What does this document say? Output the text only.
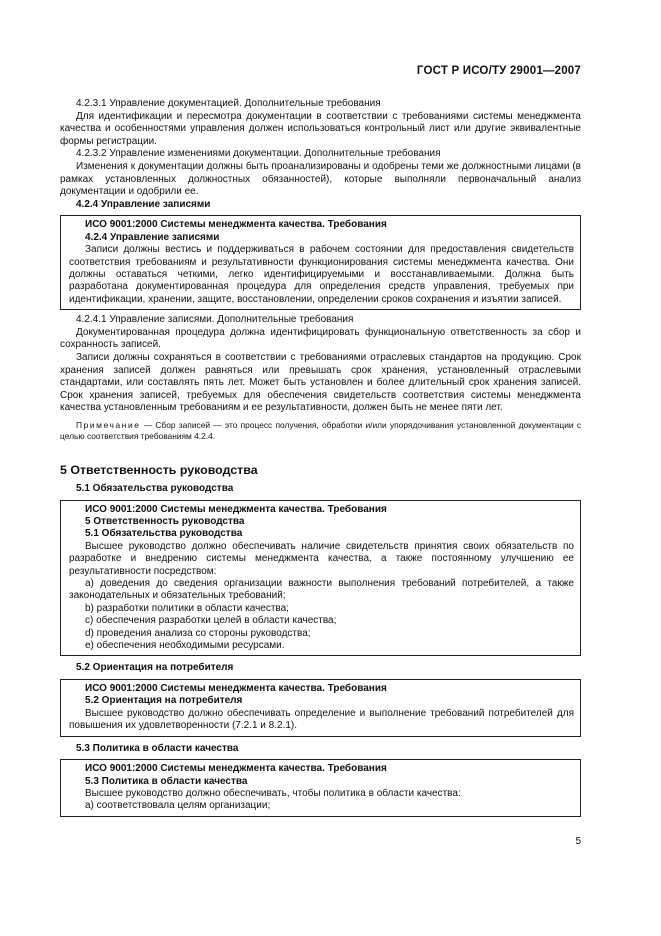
ГОСТ Р ИСО/ТУ 29001—2007

4.2.3.1 Управление документацией. Дополнительные требования

Для идентификации и пересмотра документации в соответствии с требованиями системы менеджмента качества и особенностями управления должен использоваться контрольный лист или другие эквивалентные формы регистрации.

4.2.3.2 Управление изменениями документации. Дополнительные требования

Изменения к документации должны быть проанализированы и одобрены теми же должностными лицами (в рамках установленных должностных обязанностей), которые выполняли первоначальный анализ документации и одобрили ее.

4.2.4 Управление записями

ИСО 9001:2000 Системы менеджмента качества. Требования

4.2.4 Управление записями

Записи должны вестись и поддерживаться в рабочем состоянии для предоставления свидетельств соответствия требованиям и результативности функционирования системы менеджмента качества. Они должны оставаться четкими, легко идентифицируемыми и восстанавливаемыми. Должна быть разработана документированная процедура для определения средств управления, требуемых при идентификации, хранении, защите, восстановлении, определении сроков сохранения и изъятии записей.

4.2.4.1 Управление записями. Дополнительные требования

Документированная процедура должна идентифицировать функциональную ответственность за сбор и сохранность записей.

Записи должны сохраняться в соответствии с требованиями отраслевых стандартов на продукцию. Срок хранения записей должен равняться или превышать срок хранения, установленный отраслевыми стандартами, или составлять пять лет. Может быть установлен и более длительный срок хранения записей. Срок хранения записей, требуемых для обеспечения свидетельств соответствия системы менеджмента качества установленным требованиям и ее результативности, должен быть не менее пяти лет.

Примечание — Сбор записей — это процесс получения, обработки и/или упорядочивания установленной документации с целью соответствия требованиям 4.2.4.

5 Ответственность руководства

5.1 Обязательства руководства

ИСО 9001:2000 Системы менеджмента качества. Требования

5 Ответственность руководства

5.1 Обязательства руководства

Высшее руководство должно обеспечивать наличие свидетельств принятия своих обязательств по разработке и внедрению системы менеджмента качества, а также постоянному улучшению ее результативности посредством:

a) доведения до сведения организации важности выполнения требований потребителей, а также законодательных и обязательных требований;

b) разработки политики в области качества;

c) обеспечения разработки целей в области качества;

d) проведения анализа со стороны руководства;

e) обеспечения необходимыми ресурсами.

5.2 Ориентация на потребителя

ИСО 9001:2000 Системы менеджмента качества. Требования

5.2 Ориентация на потребителя

Высшее руководство должно обеспечивать определение и выполнение требований потребителей для повышения их удовлетворенности (7.2.1 и 8.2.1).

5.3 Политика в области качества

ИСО 9001:2000 Системы менеджмента качества. Требования

5.3 Политика в области качества

Высшее руководство должно обеспечивать, чтобы политика в области качества:

a) соответствовала целям организации;

5
